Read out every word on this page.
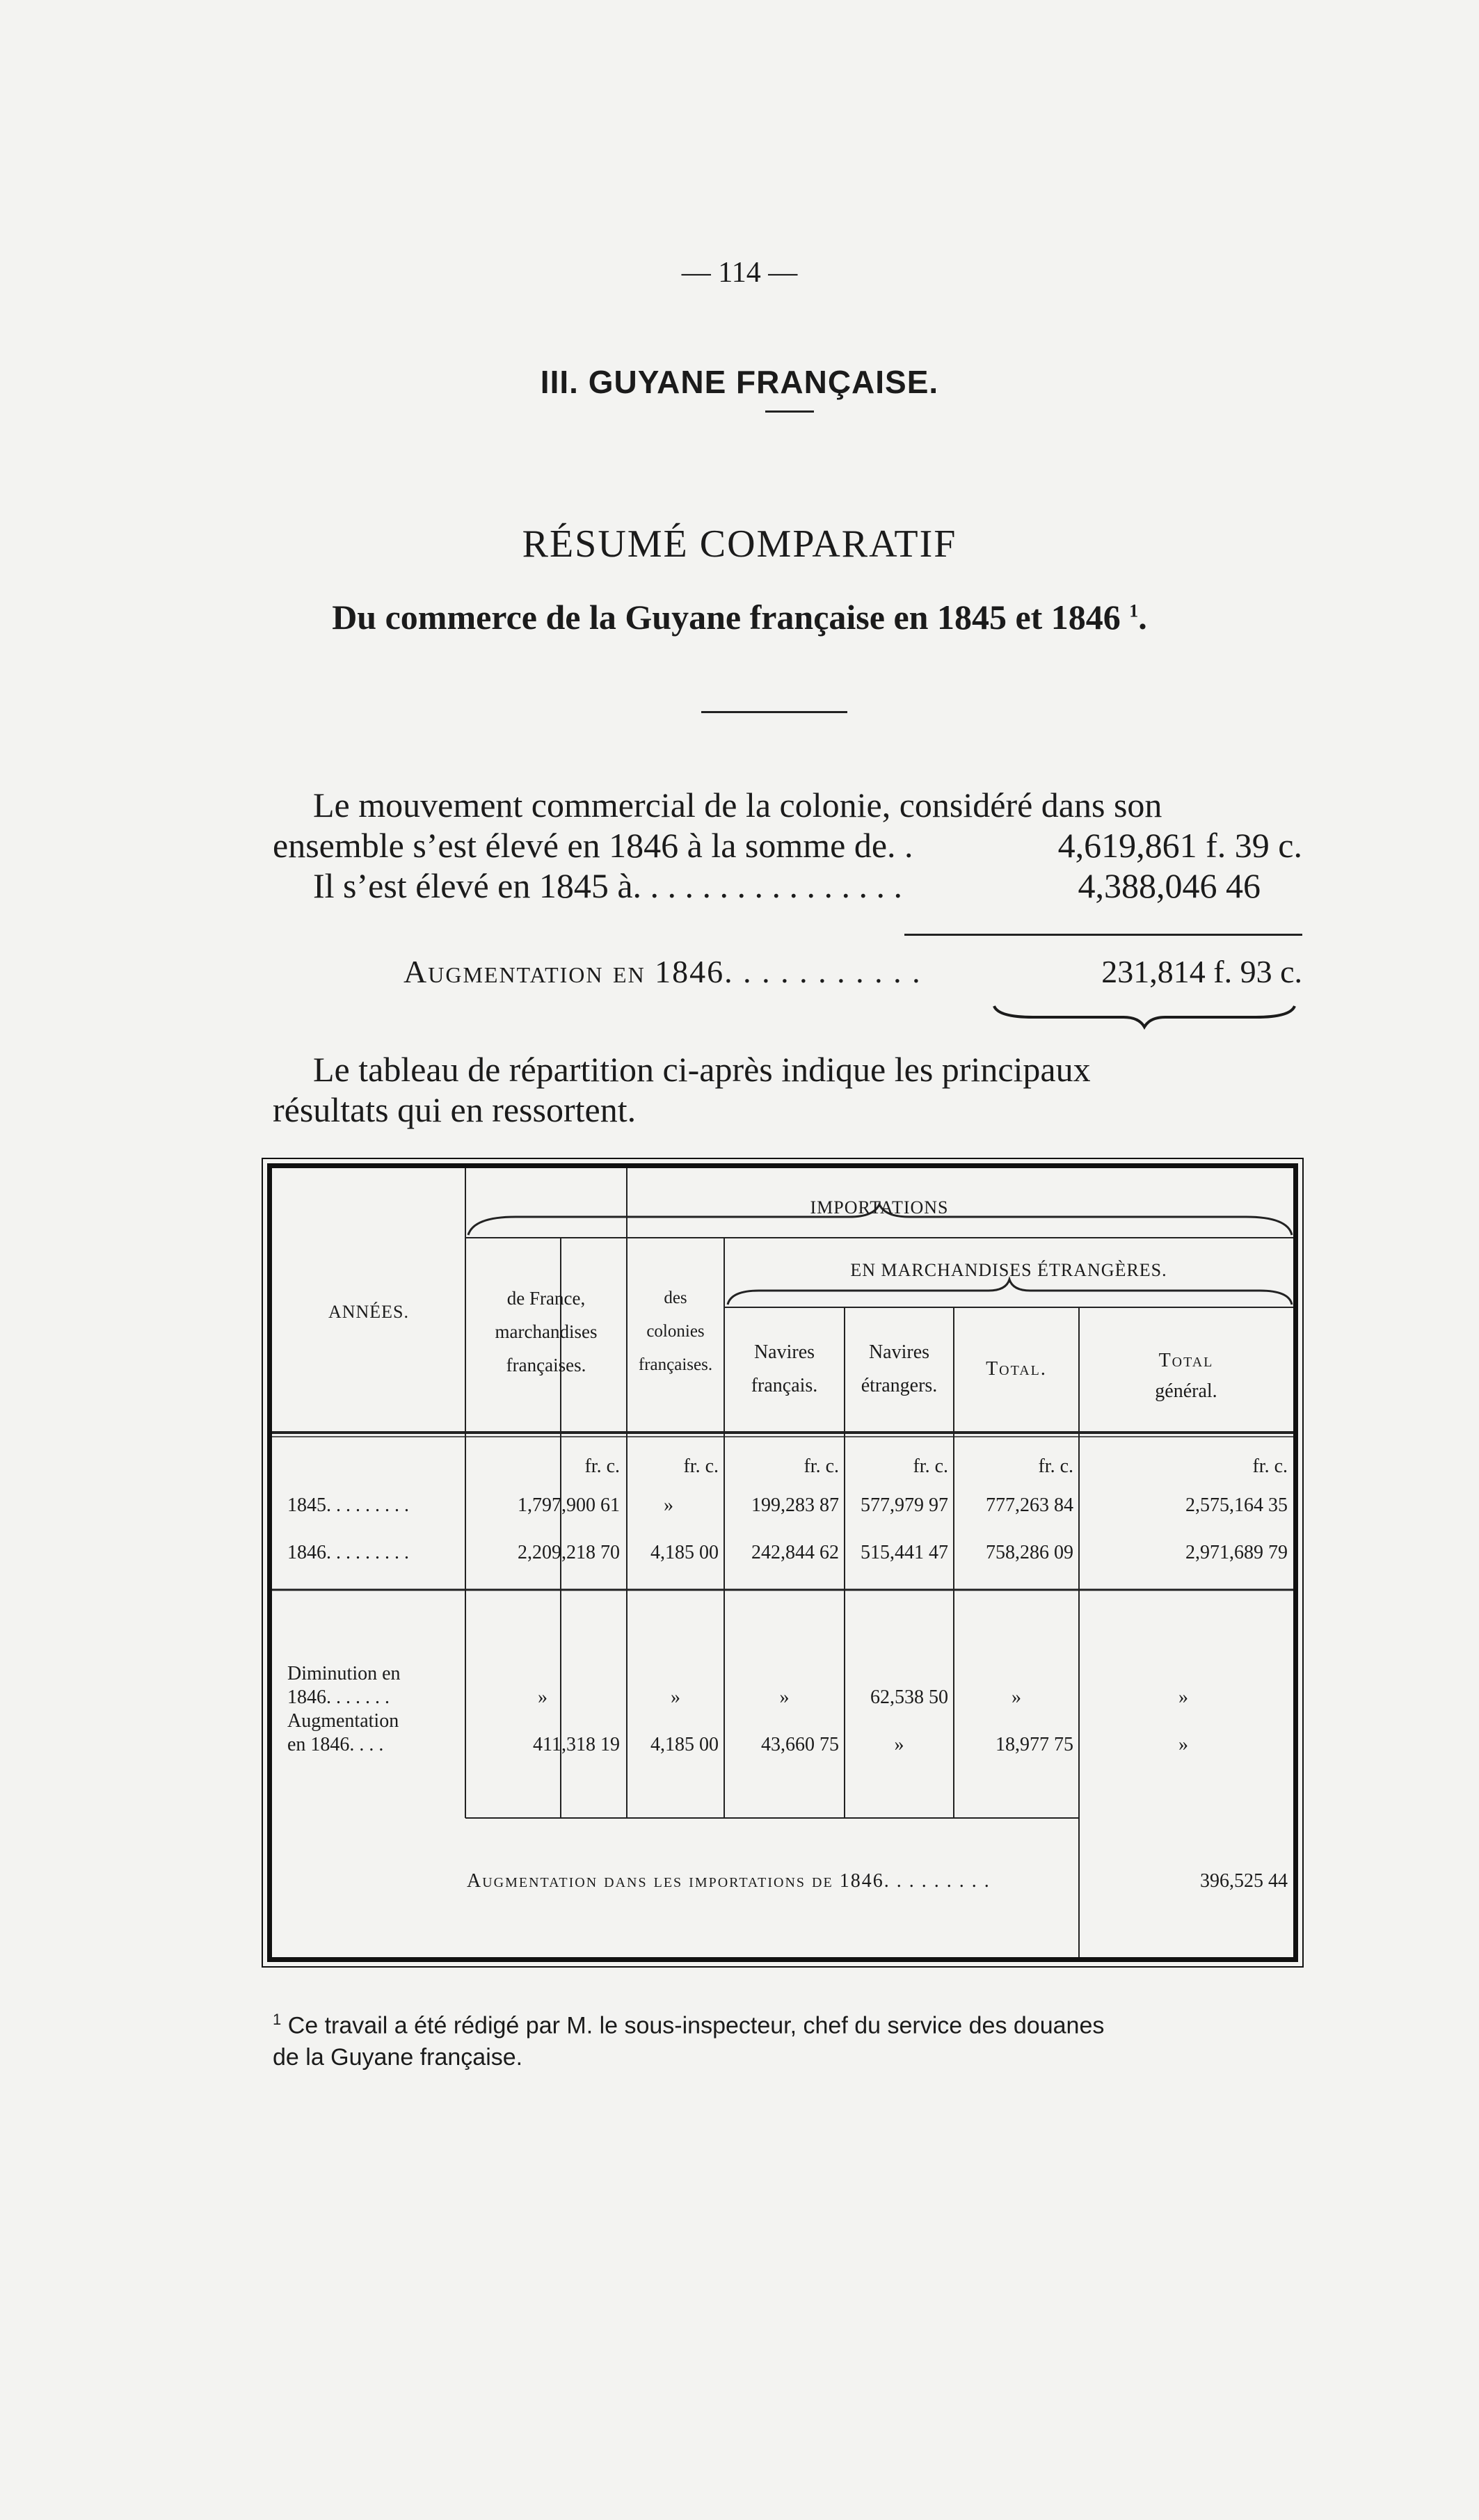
— 114 —
III. GUYANE FRANÇAISE.
RÉSUMÉ COMPARATIF
Du commerce de la Guyane française en 1845 et 1846 $^1$.
Le mouvement commercial de la colonie, considéré dans son
ensemble s’est élevé en 1846 à la somme de. .	4,619,861 f. 39 c.
Il s’est élevé en 1845 à. . . . . . . . . . . . . . . .	4,388,046 46
Augmentation en 1846. . . . . . . . . . .	231,814 f. 93 c.
Le tableau de répartition ci-après indique les principaux
résultats qui en ressortent.
IMPORTATIONS
ANNÉES.
de France,
marchandises
françaises.
des
colonies
françaises.
EN MARCHANDISES ÉTRANGÈRES.
Navires
français.
Navires
étrangers.
Total.	Total
général.
fr. c.	fr. c.	fr. c.	fr. c.	fr. c.	fr. c.
1845. . . . . . . . .	1,797,900 61	»	199,283 87	577,979 97	777,263 84	2,575,164 35
1846. . . . . . . . .	2,209,218 70	4,185 00	242,844 62	515,441 47	758,286 09	2,971,689 79
Diminution en
1846. . . . . . .	»	»	»	62,538 50	»	»
Augmentation
en 1846. . . .	411,318 19	4,185 00	43,660 75	»	18,977 75	»
Augmentation dans les importations de 1846. . . . . . . . .	396,525 44
$^1$ Ce travail a été rédigé par M. le sous-inspecteur, chef du service des douanes
de la Guyane française.
